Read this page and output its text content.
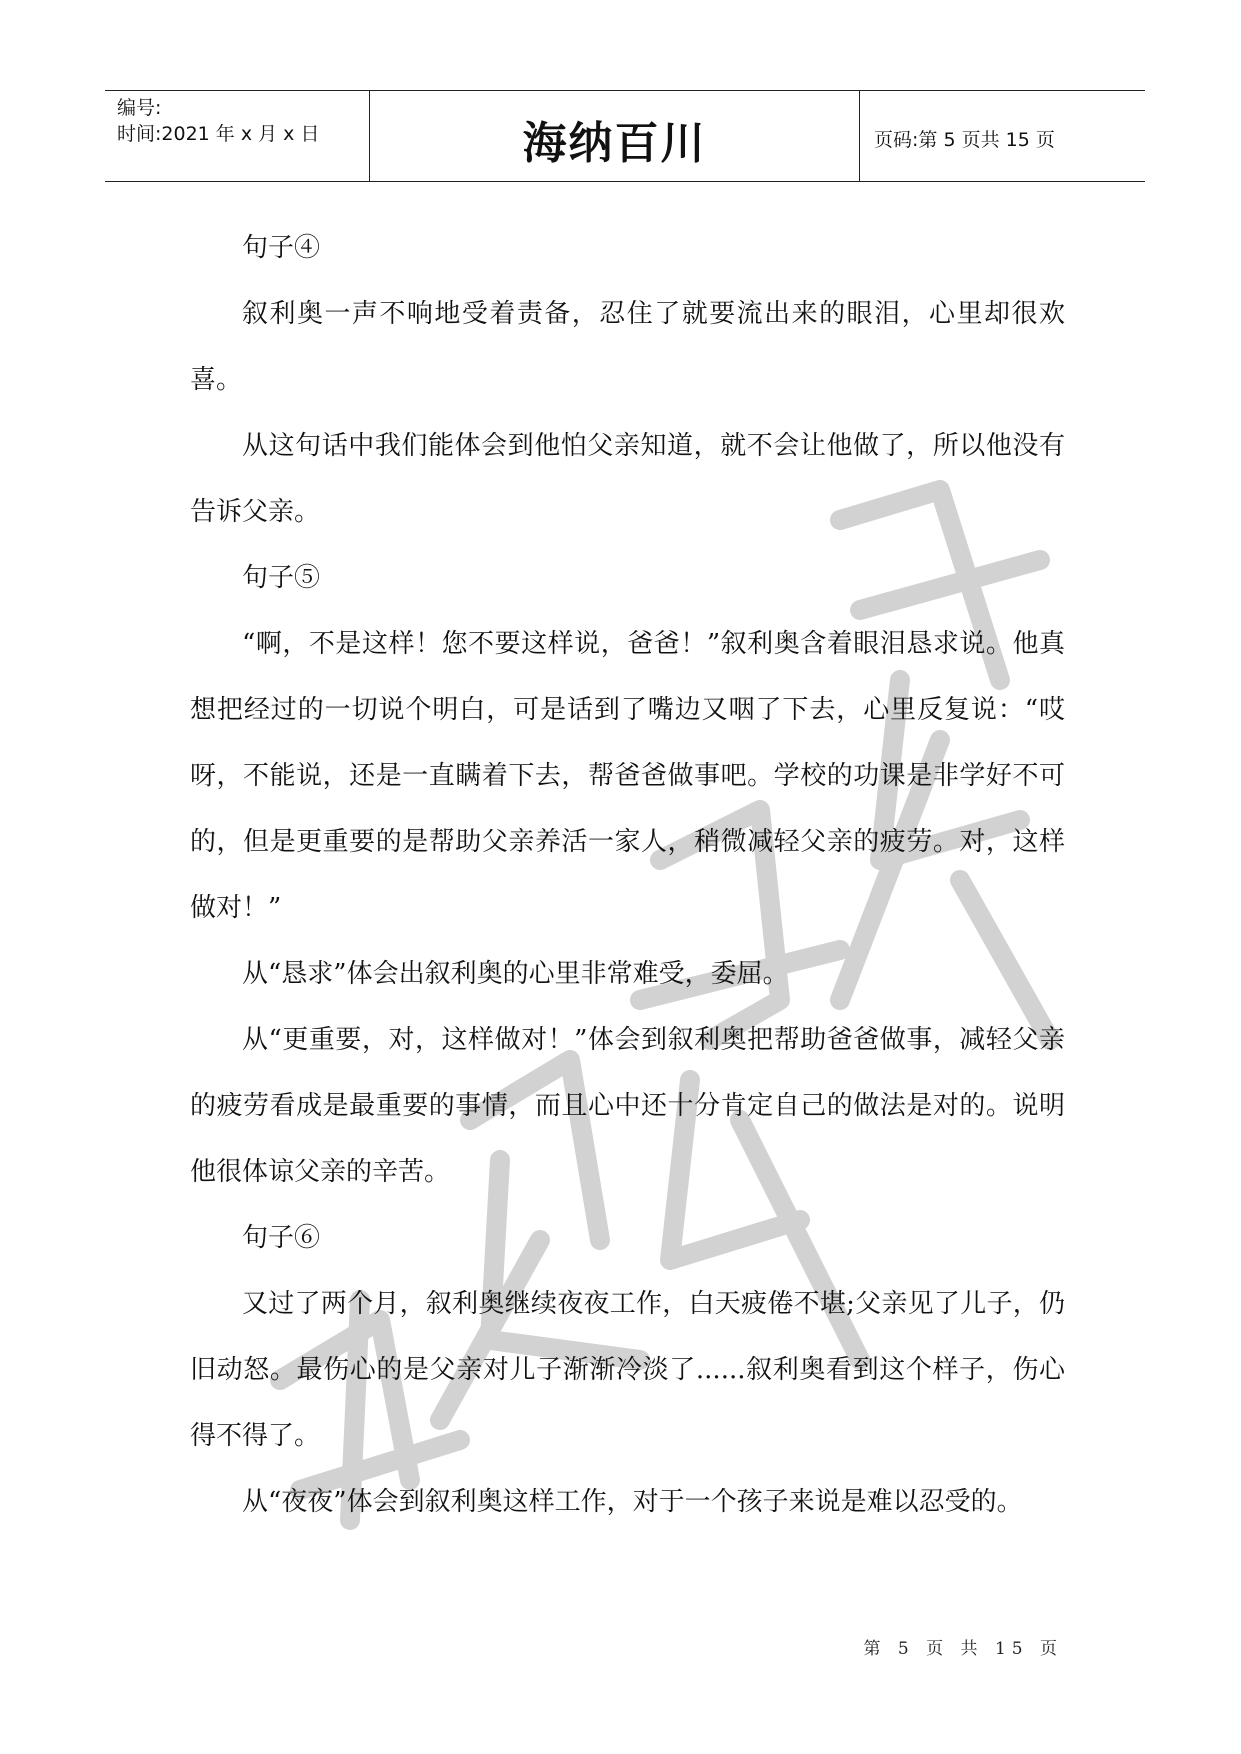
编号:
时间:2021 年 x 月 x 日	海纳百川	页码:第 5 页共 15 页

句子④

叙利奥一声不响地受着责备，忍住了就要流出来的眼泪，心里却很欢喜。

从这句话中我们能体会到他怕父亲知道，就不会让他做了，所以他没有告诉父亲。

句子⑤

“啊，不是这样！您不要这样说，爸爸！”叙利奥含着眼泪恳求说。他真想把经过的一切说个明白，可是话到了嘴边又咽了下去，心里反复说：“哎呀，不能说，还是一直瞒着下去，帮爸爸做事吧。学校的功课是非学好不可的，但是更重要的是帮助父亲养活一家人，稍微减轻父亲的疲劳。对，这样做对！”

从“恳求”体会出叙利奥的心里非常难受，委屈。

从“更重要，对，这样做对！”体会到叙利奥把帮助爸爸做事，减轻父亲的疲劳看成是最重要的事情，而且心中还十分肯定自己的做法是对的。说明他很体谅父亲的辛苦。

句子⑥

又过了两个月，叙利奥继续夜夜工作，白天疲倦不堪;父亲见了儿子，仍旧动怒。最伤心的是父亲对儿子渐渐冷淡了......叙利奥看到这个样子，伤心得不得了。

从“夜夜”体会到叙利奥这样工作，对于一个孩子来说是难以忍受的。

第 5 页 共 15 页
